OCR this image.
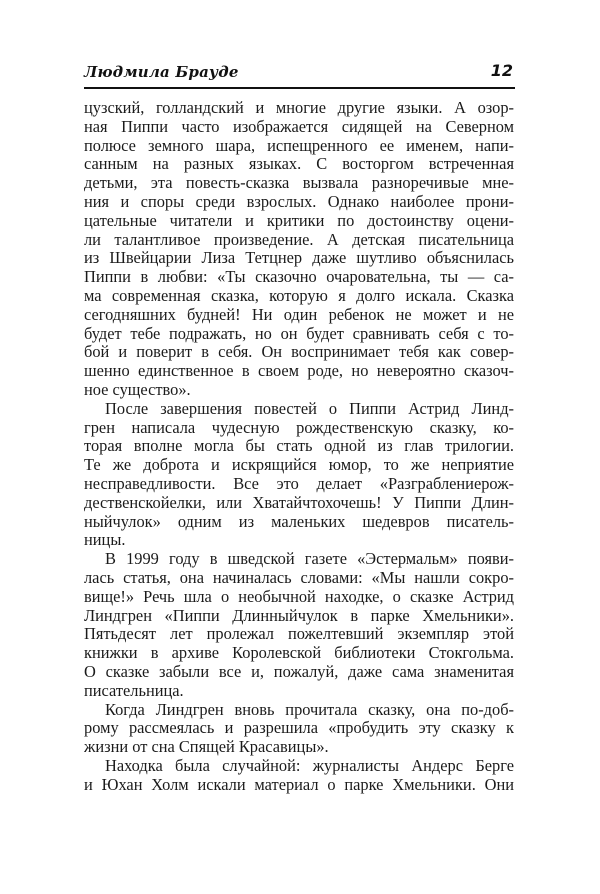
Людмила Брауде	12
цузский, голландский и многие другие языки. А озор-
ная Пиппи часто изображается сидящей на Северном
полюсе земного шара, испещренного ее именем, напи-
санным на разных языках. С восторгом встреченная
детьми, эта повесть-сказка вызвала разноречивые мне-
ния и споры среди взрослых. Однако наиболее прони-
цательные читатели и критики по достоинству оцени-
ли талантливое произведение. А детская писательница
из Швейцарии Лиза Тетцнер даже шутливо объяснилась
Пиппи в любви: «Ты сказочно очаровательна, ты — са-
ма современная сказка, которую я долго искала. Сказка
сегодняшних будней! Ни один ребенок не может и не
будет тебе подражать, но он будет сравнивать себя с то-
бой и поверит в себя. Он воспринимает тебя как совер-
шенно единственное в своем роде, но невероятно сказоч-
ное существо».
После завершения повестей о Пиппи Астрид Линд-
грен написала чудесную рождественскую сказку, ко-
торая вполне могла бы стать одной из глав трилогии.
Те же доброта и искрящийся юмор, то же неприятие
несправедливости. Все это делает «Разграблениерож-
дественскойелки, или Хватайчтохочешь! У Пиппи Длин-
ныйчулок» одним из маленьких шедевров писатель-
ницы.
В 1999 году в шведской газете «Эстермальм» появи-
лась статья, она начиналась словами: «Мы нашли сокро-
вище!» Речь шла о необычной находке, о сказке Астрид
Линдгрен «Пиппи Длинныйчулок в парке Хмельники».
Пятьдесят лет пролежал пожелтевший экземпляр этой
книжки в архиве Королевской библиотеки Стокгольма.
О сказке забыли все и, пожалуй, даже сама знаменитая
писательница.
Когда Линдгрен вновь прочитала сказку, она по-доб-
рому рассмеялась и разрешила «пробудить эту сказку к
жизни от сна Спящей Красавицы».
Находка была случайной: журналисты Андерс Берге
и Юхан Холм искали материал о парке Хмельники. Они
